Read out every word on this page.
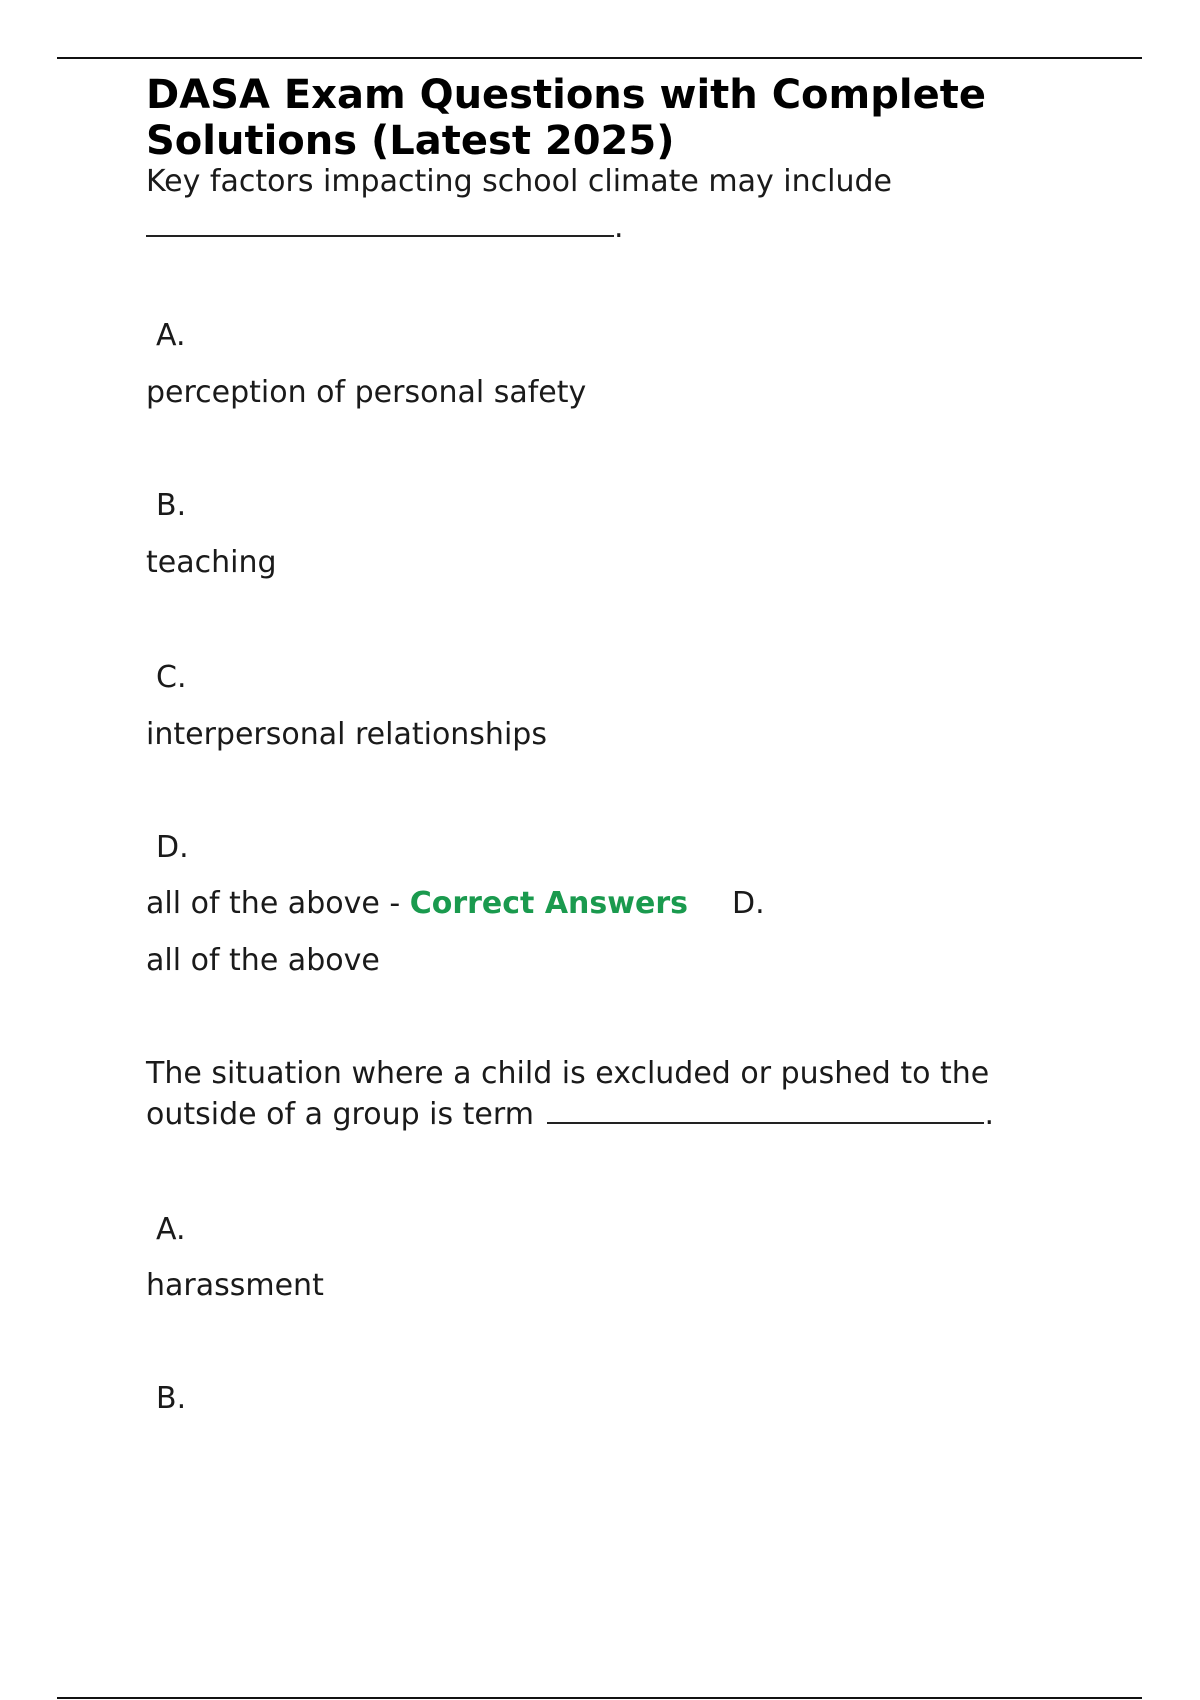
DASA Exam Questions with Complete
Solutions (Latest 2025)
Key factors impacting school climate may include
.
A.
perception of personal safety
B.
teaching
C.
interpersonal relationships
D.
all of the above - Correct Answers D.
all of the above
The situation where a child is excluded or pushed to the
outside of a group is term	.
A.
harassment
B.
